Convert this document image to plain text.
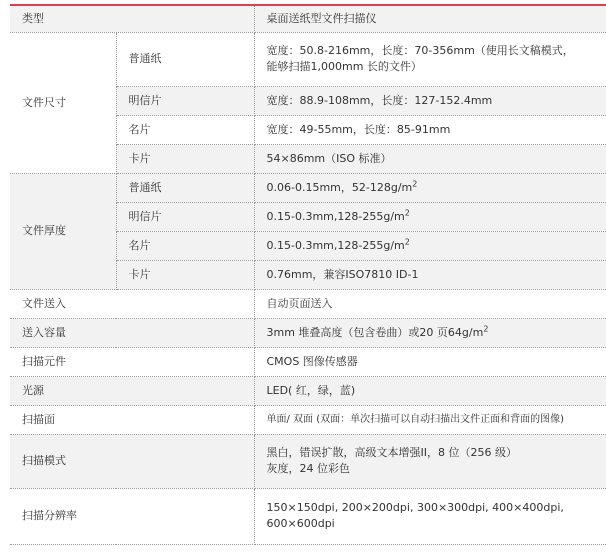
类型		桌面送纸型文件扫描仪
文件尺寸	普通纸	宽度：50.8-216mm，长度：70-356mm（使用长文稿模式，
能够扫描1,000mm 长的文件）
	明信片	宽度：88.9-108mm，长度：127-152.4mm
	名片	宽度：49-55mm，长度：85-91mm
	卡片	54×86mm（ISO 标准）
文件厚度	普通纸	0.06-0.15mm，$52-128g/m^2$
	明信片	$0.15-0.3mm,128-255g/m^2$
	名片	$0.15-0.3mm,128-255g/m^2$
	卡片	0.76mm，兼容ISO7810 ID-1
文件送入		自动页面送入
送入容量		3mm 堆叠高度（包含卷曲）或20 页$64g/m^2$
扫描元件		CMOS 图像传感器
光源		LED( 红，绿，蓝)
扫描面		单面/ 双面 (双面：单次扫描可以自动扫描出文件正面和背面的图像)
扫描模式		黑白，错误扩散，高级文本增强II，8 位（256 级）
灰度，24 位彩色
扫描分辨率		150×150dpi, 200×200dpi, 300×300dpi, 400×400dpi,
600×600dpi
